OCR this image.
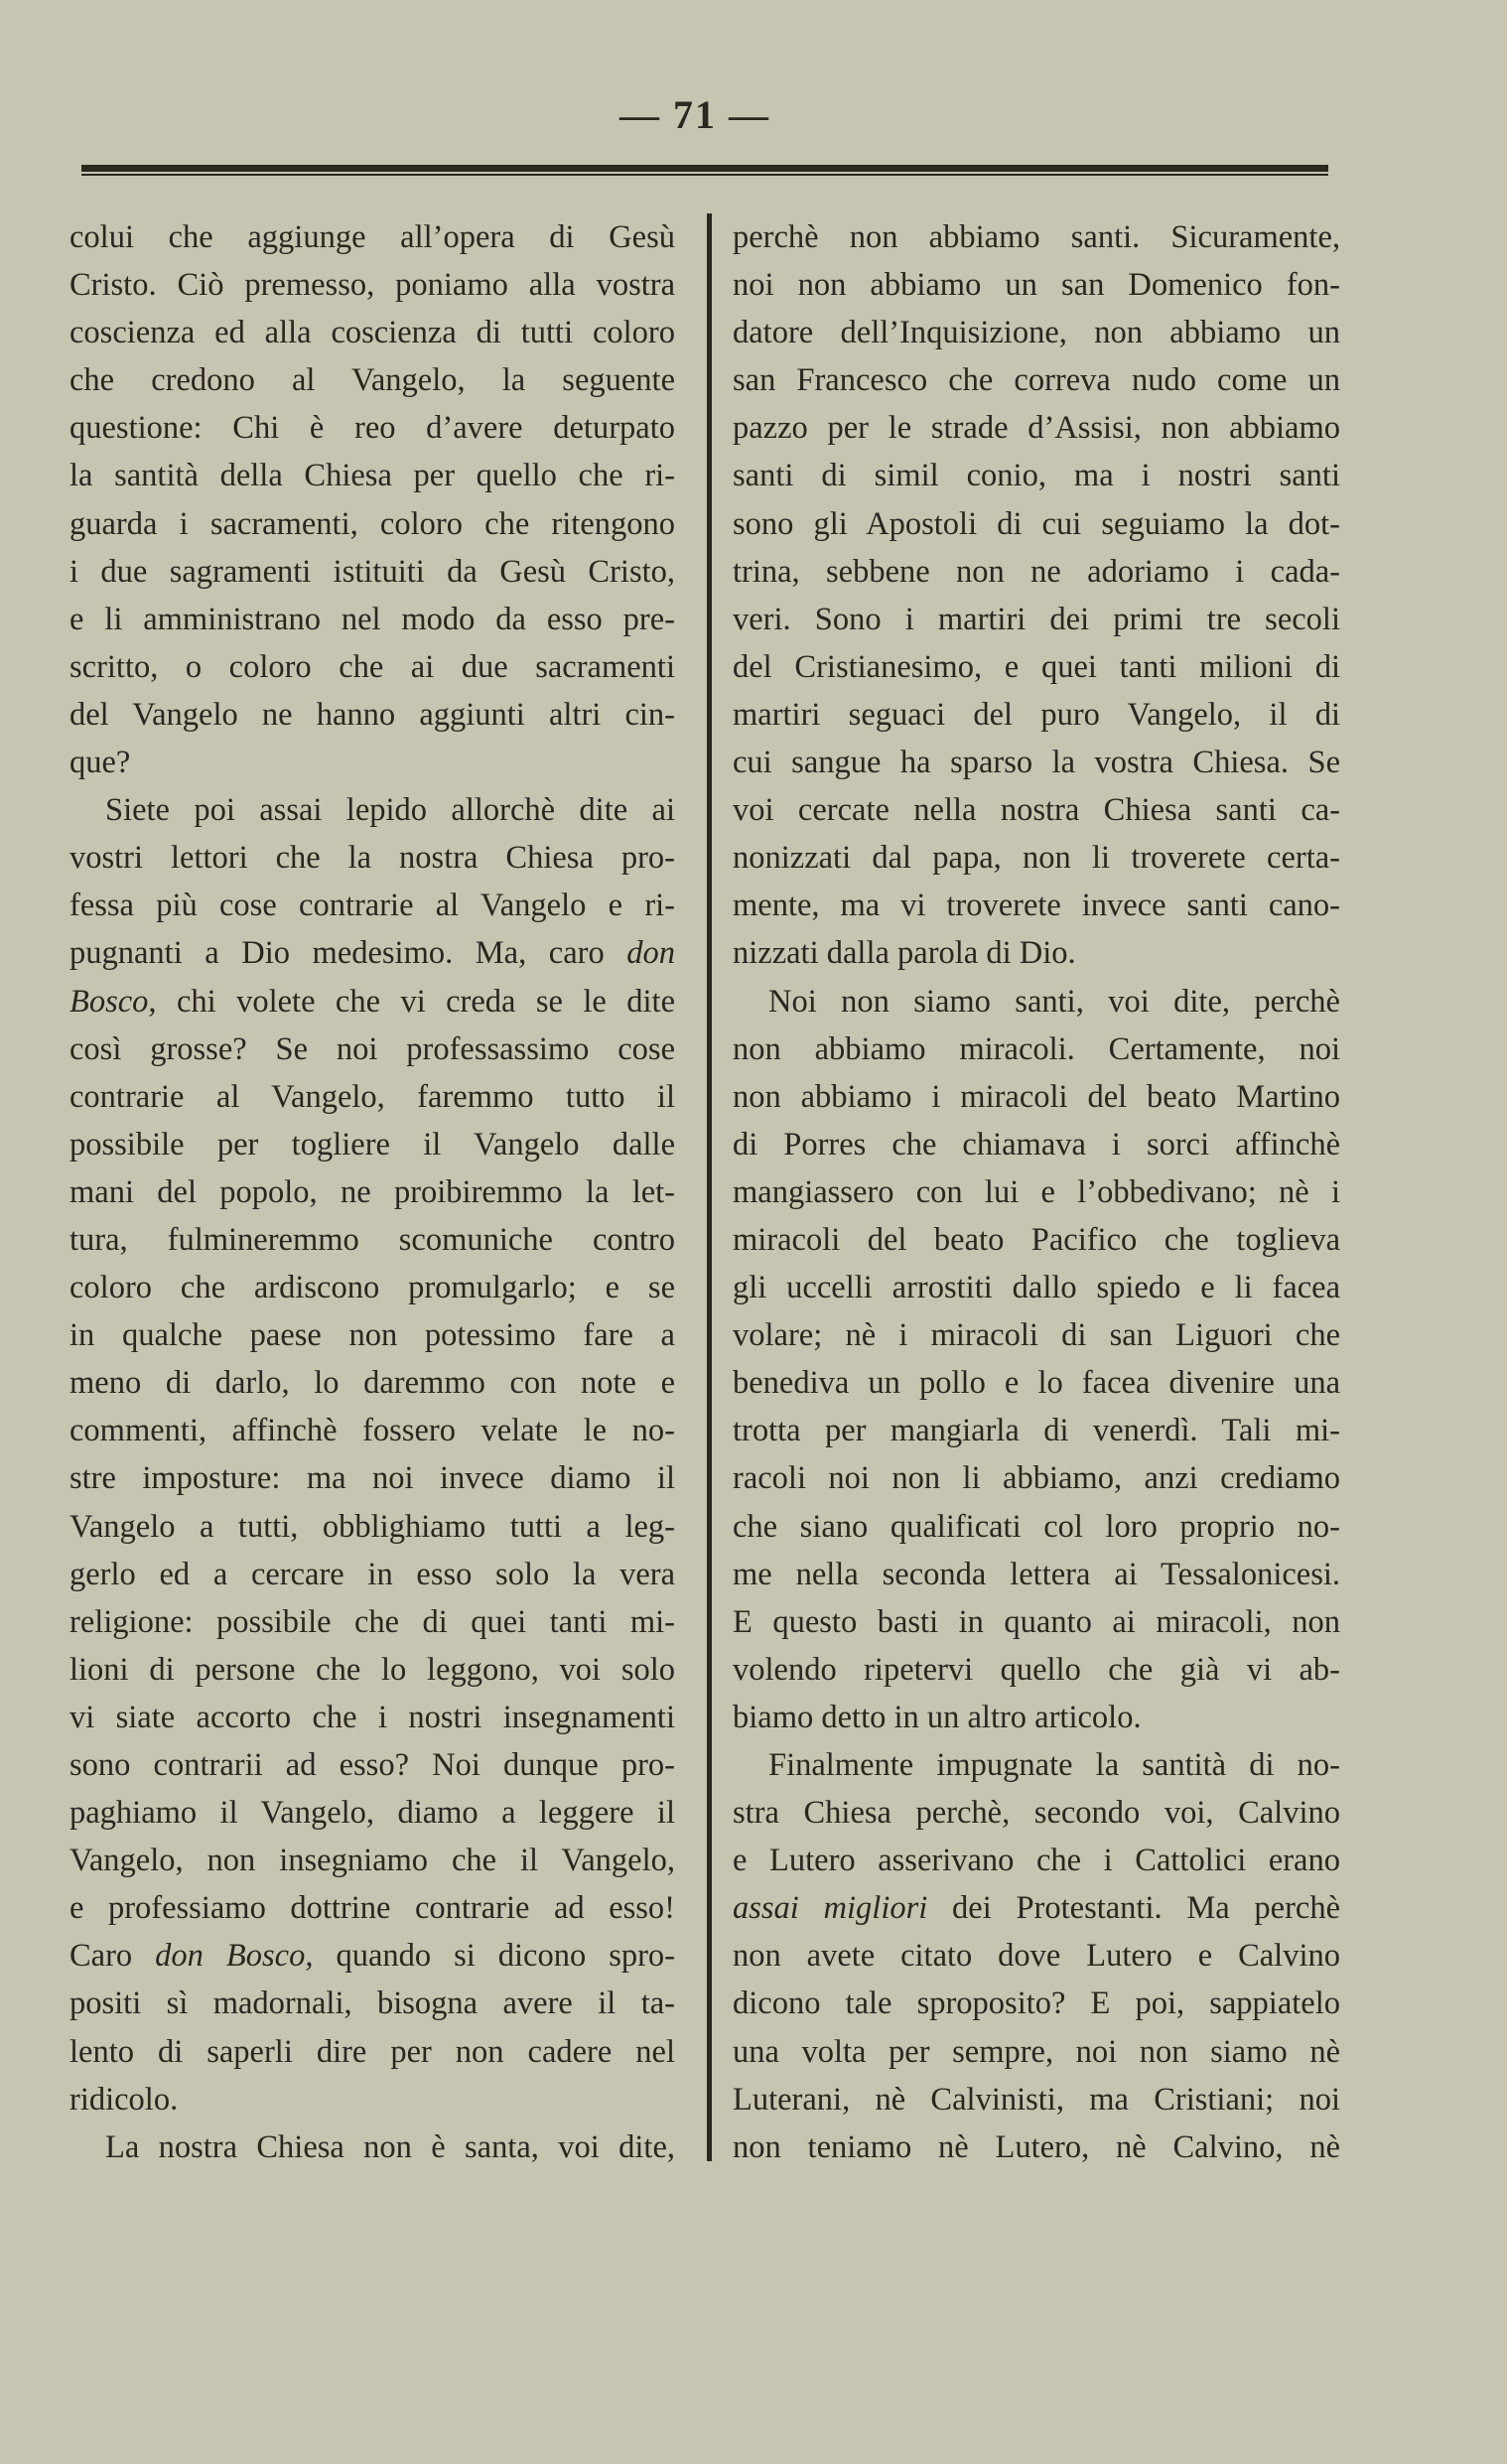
— 71 —
colui che aggiunge all’opera di Gesù
Cristo. Ciò premesso, poniamo alla vostra
coscienza ed alla coscienza di tutti coloro
che credono al Vangelo, la seguente
questione: Chi è reo d’avere deturpato
la santità della Chiesa per quello che ri-
guarda i sacramenti, coloro che ritengono
i due sagramenti istituiti da Gesù Cristo,
e li amministrano nel modo da esso pre-
scritto, o coloro che ai due sacramenti
del Vangelo ne hanno aggiunti altri cin-
que?
Siete poi assai lepido allorchè dite ai
vostri lettori che la nostra Chiesa pro-
fessa più cose contrarie al Vangelo e ri-
pugnanti a Dio medesimo. Ma, caro don
Bosco, chi volete che vi creda se le dite
così grosse? Se noi professassimo cose
contrarie al Vangelo, faremmo tutto il
possibile per togliere il Vangelo dalle
mani del popolo, ne proibiremmo la let-
tura, fulmineremmo scomuniche contro
coloro che ardiscono promulgarlo; e se
in qualche paese non potessimo fare a
meno di darlo, lo daremmo con note e
commenti, affinchè fossero velate le no-
stre imposture: ma noi invece diamo il
Vangelo a tutti, obblighiamo tutti a leg-
gerlo ed a cercare in esso solo la vera
religione: possibile che di quei tanti mi-
lioni di persone che lo leggono, voi solo
vi siate accorto che i nostri insegnamenti
sono contrarii ad esso? Noi dunque pro-
paghiamo il Vangelo, diamo a leggere il
Vangelo, non insegniamo che il Vangelo,
e professiamo dottrine contrarie ad esso!
Caro don Bosco, quando si dicono spro-
positi sì madornali, bisogna avere il ta-
lento di saperli dire per non cadere nel
ridicolo.
La nostra Chiesa non è santa, voi dite,
perchè non abbiamo santi. Sicuramente,
noi non abbiamo un san Domenico fon-
datore dell’Inquisizione, non abbiamo un
san Francesco che correva nudo come un
pazzo per le strade d’Assisi, non abbiamo
santi di simil conio, ma i nostri santi
sono gli Apostoli di cui seguiamo la dot-
trina, sebbene non ne adoriamo i cada-
veri. Sono i martiri dei primi tre secoli
del Cristianesimo, e quei tanti milioni di
martiri seguaci del puro Vangelo, il di
cui sangue ha sparso la vostra Chiesa. Se
voi cercate nella nostra Chiesa santi ca-
nonizzati dal papa, non li troverete certa-
mente, ma vi troverete invece santi cano-
nizzati dalla parola di Dio.
Noi non siamo santi, voi dite, perchè
non abbiamo miracoli. Certamente, noi
non abbiamo i miracoli del beato Martino
di Porres che chiamava i sorci affinchè
mangiassero con lui e l’obbedivano; nè i
miracoli del beato Pacifico che toglieva
gli uccelli arrostiti dallo spiedo e li facea
volare; nè i miracoli di san Liguori che
benediva un pollo e lo facea divenire una
trotta per mangiarla di venerdì. Tali mi-
racoli noi non li abbiamo, anzi crediamo
che siano qualificati col loro proprio no-
me nella seconda lettera ai Tessalonicesi.
E questo basti in quanto ai miracoli, non
volendo ripetervi quello che già vi ab-
biamo detto in un altro articolo.
Finalmente impugnate la santità di no-
stra Chiesa perchè, secondo voi, Calvino
e Lutero asserivano che i Cattolici erano
assai migliori dei Protestanti. Ma perchè
non avete citato dove Lutero e Calvino
dicono tale sproposito? E poi, sappiatelo
una volta per sempre, noi non siamo nè
Luterani, nè Calvinisti, ma Cristiani; noi
non teniamo nè Lutero, nè Calvino, nè
